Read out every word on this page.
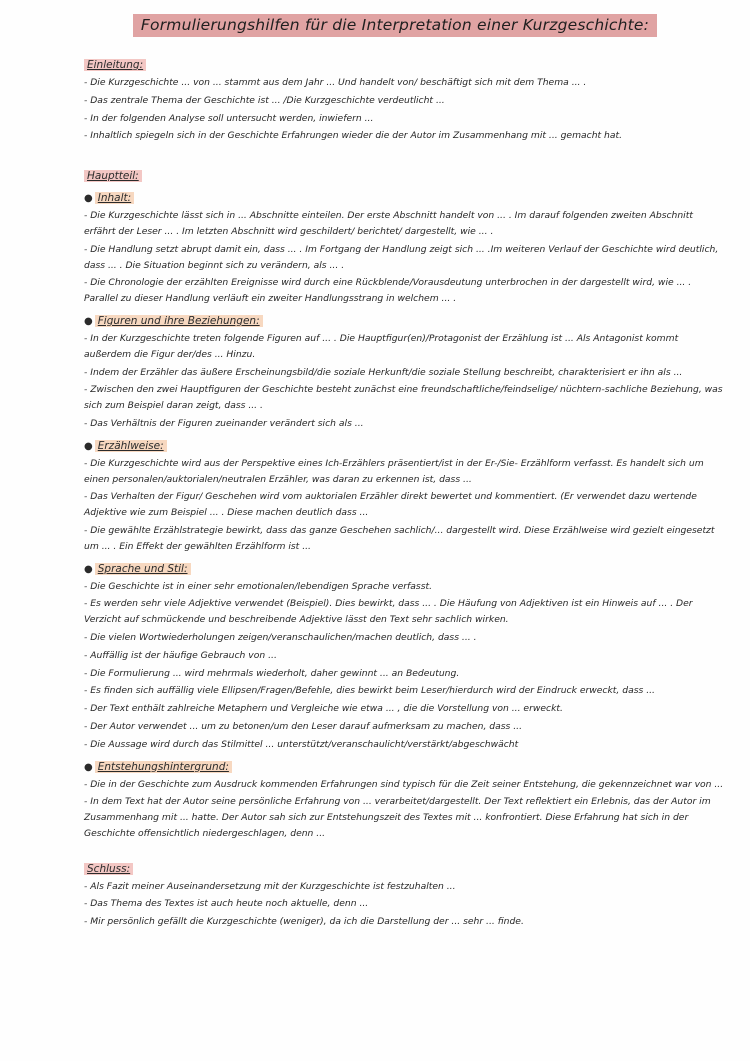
Formulierungshilfen für die Interpretation einer Kurzgeschichte:
Einleitung:
- Die Kurzgeschichte ... von ... stammt aus dem Jahr ... Und handelt von/ beschäftigt sich mit dem Thema ... .
- Das zentrale Thema der Geschichte ist ... /Die Kurzgeschichte verdeutlicht ...
- In der folgenden Analyse soll untersucht werden, inwiefern ...
- Inhaltlich spiegeln sich in der Geschichte Erfahrungen wieder die der Autor im Zusammenhang mit ... gemacht hat.
Hauptteil:
● Inhalt:
- Die Kurzgeschichte lässt sich in ... Abschnitte einteilen. Der erste Abschnitt handelt von ... . Im darauf folgenden zweiten Abschnitt erfährt der Leser ... . Im letzten Abschnitt wird geschildert/ berichtet/ dargestellt, wie ... .
- Die Handlung setzt abrupt damit ein, dass ... . Im Fortgang der Handlung zeigt sich ... .Im weiteren Verlauf der Geschichte wird deutlich, dass ... . Die Situation beginnt sich zu verändern, als ... .
- Die Chronologie der erzählten Ereignisse wird durch eine Rückblende/Vorausdeutung unterbrochen in der dargestellt wird, wie ... . Parallel zu dieser Handlung verläuft ein zweiter Handlungsstrang in welchem ... .
● Figuren und ihre Beziehungen:
- In der Kurzgeschichte treten folgende Figuren auf ... . Die Hauptfigur(en)/Protagonist der Erzählung ist ... Als Antagonist kommt außerdem die Figur der/des ... Hinzu.
- Indem der Erzähler das äußere Erscheinungsbild/die soziale Herkunft/die soziale Stellung beschreibt, charakterisiert er ihn als ...
- Zwischen den zwei Hauptfiguren der Geschichte besteht zunächst eine freundschaftliche/feindselige/ nüchtern-sachliche Beziehung, was sich zum Beispiel daran zeigt, dass ... .
- Das Verhältnis der Figuren zueinander verändert sich als ...
● Erzählweise:
- Die Kurzgeschichte wird aus der Perspektive eines Ich-Erzählers präsentiert/ist in der Er-/Sie- Erzählform verfasst. Es handelt sich um einen personalen/auktorialen/neutralen Erzähler, was daran zu erkennen ist, dass ...
- Das Verhalten der Figur/ Geschehen wird vom auktorialen Erzähler direkt bewertet und kommentiert. (Er verwendet dazu wertende Adjektive wie zum Beispiel ... . Diese machen deutlich dass ...
- Die gewählte Erzählstrategie bewirkt, dass das ganze Geschehen sachlich/... dargestellt wird. Diese Erzählweise wird gezielt eingesetzt um ... . Ein Effekt der gewählten Erzählform ist ...
● Sprache und Stil:
- Die Geschichte ist in einer sehr emotionalen/lebendigen Sprache verfasst.
- Es werden sehr viele Adjektive verwendet (Beispiel). Dies bewirkt, dass ... . Die Häufung von Adjektiven ist ein Hinweis auf ... . Der Verzicht auf schmückende und beschreibende Adjektive lässt den Text sehr sachlich wirken.
- Die vielen Wortwiederholungen zeigen/veranschaulichen/machen deutlich, dass ... .
- Auffällig ist der häufige Gebrauch von ...
- Die Formulierung ... wird mehrmals wiederholt, daher gewinnt ... an Bedeutung.
- Es finden sich auffällig viele Ellipsen/Fragen/Befehle, dies bewirkt beim Leser/hierdurch wird der Eindruck erweckt, dass ...
- Der Text enthält zahlreiche Metaphern und Vergleiche wie etwa ... , die die Vorstellung von ... erweckt.
- Der Autor verwendet ... um zu betonen/um den Leser darauf aufmerksam zu machen, dass ...
- Die Aussage wird durch das Stilmittel ... unterstützt/veranschaulicht/verstärkt/abgeschwächt
● Entstehungshintergrund:
- Die in der Geschichte zum Ausdruck kommenden Erfahrungen sind typisch für die Zeit seiner Entstehung, die gekennzeichnet war von ...
- In dem Text hat der Autor seine persönliche Erfahrung von ... verarbeitet/dargestellt. Der Text reflektiert ein Erlebnis, das der Autor im Zusammenhang mit ... hatte. Der Autor sah sich zur Entstehungszeit des Textes mit ... konfrontiert. Diese Erfahrung hat sich in der Geschichte offensichtlich niedergeschlagen, denn ...
Schluss:
- Als Fazit meiner Auseinandersetzung mit der Kurzgeschichte ist festzuhalten ...
- Das Thema des Textes ist auch heute noch aktuelle, denn ...
- Mir persönlich gefällt die Kurzgeschichte (weniger), da ich die Darstellung der ... sehr ... finde.
